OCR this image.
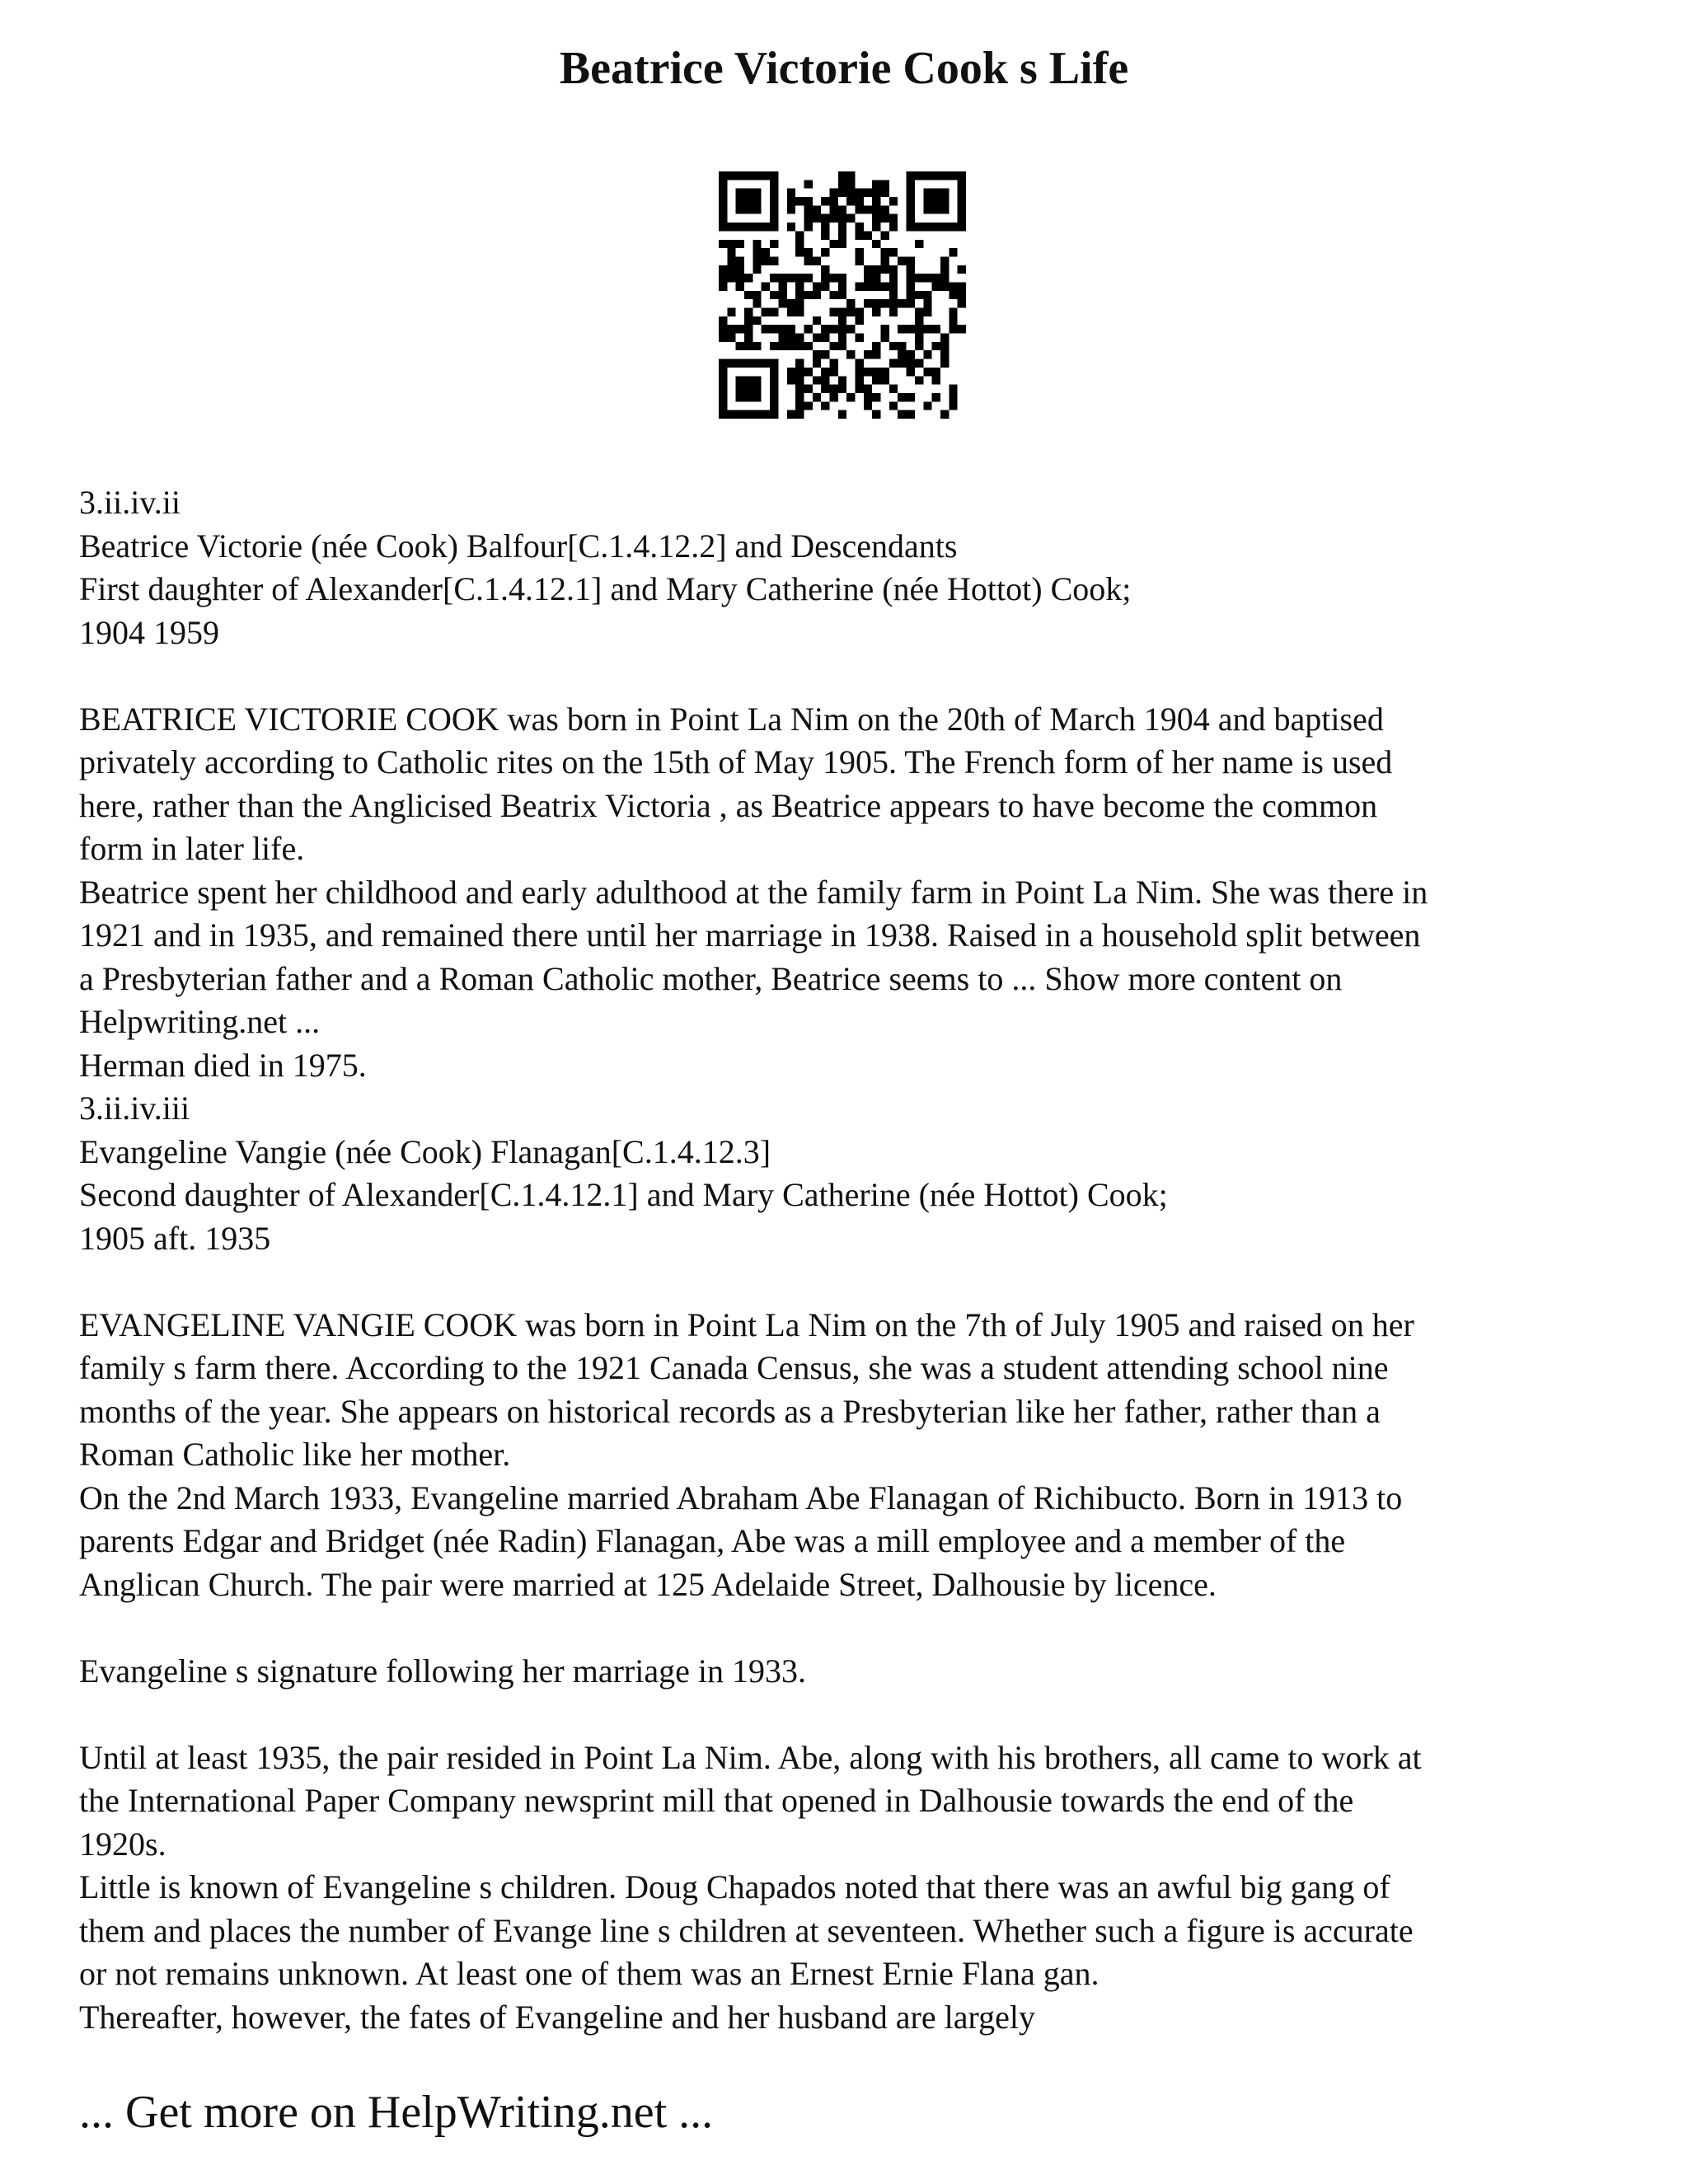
Beatrice Victorie Cook s Life
3.ii.iv.ii
Beatrice Victorie (née Cook) Balfour[C.1.4.12.2] and Descendants
First daughter of Alexander[C.1.4.12.1] and Mary Catherine (née Hottot) Cook;
1904 1959
BEATRICE VICTORIE COOK was born in Point La Nim on the 20th of March 1904 and baptised
privately according to Catholic rites on the 15th of May 1905. The French form of her name is used
here, rather than the Anglicised Beatrix Victoria , as Beatrice appears to have become the common
form in later life.
Beatrice spent her childhood and early adulthood at the family farm in Point La Nim. She was there in
1921 and in 1935, and remained there until her marriage in 1938. Raised in a household split between
a Presbyterian father and a Roman Catholic mother, Beatrice seems to ... Show more content on
Helpwriting.net ...
Herman died in 1975.
3.ii.iv.iii
Evangeline Vangie (née Cook) Flanagan[C.1.4.12.3]
Second daughter of Alexander[C.1.4.12.1] and Mary Catherine (née Hottot) Cook;
1905 aft. 1935
EVANGELINE VANGIE COOK was born in Point La Nim on the 7th of July 1905 and raised on her
family s farm there. According to the 1921 Canada Census, she was a student attending school nine
months of the year. She appears on historical records as a Presbyterian like her father, rather than a
Roman Catholic like her mother.
On the 2nd March 1933, Evangeline married Abraham Abe Flanagan of Richibucto. Born in 1913 to
parents Edgar and Bridget (née Radin) Flanagan, Abe was a mill employee and a member of the
Anglican Church. The pair were married at 125 Adelaide Street, Dalhousie by licence.
Evangeline s signature following her marriage in 1933.
Until at least 1935, the pair resided in Point La Nim. Abe, along with his brothers, all came to work at
the International Paper Company newsprint mill that opened in Dalhousie towards the end of the
1920s.
Little is known of Evangeline s children. Doug Chapados noted that there was an awful big gang of
them and places the number of Evange line s children at seventeen. Whether such a figure is accurate
or not remains unknown. At least one of them was an Ernest Ernie Flana gan.
Thereafter, however, the fates of Evangeline and her husband are largely
... Get more on HelpWriting.net ...
